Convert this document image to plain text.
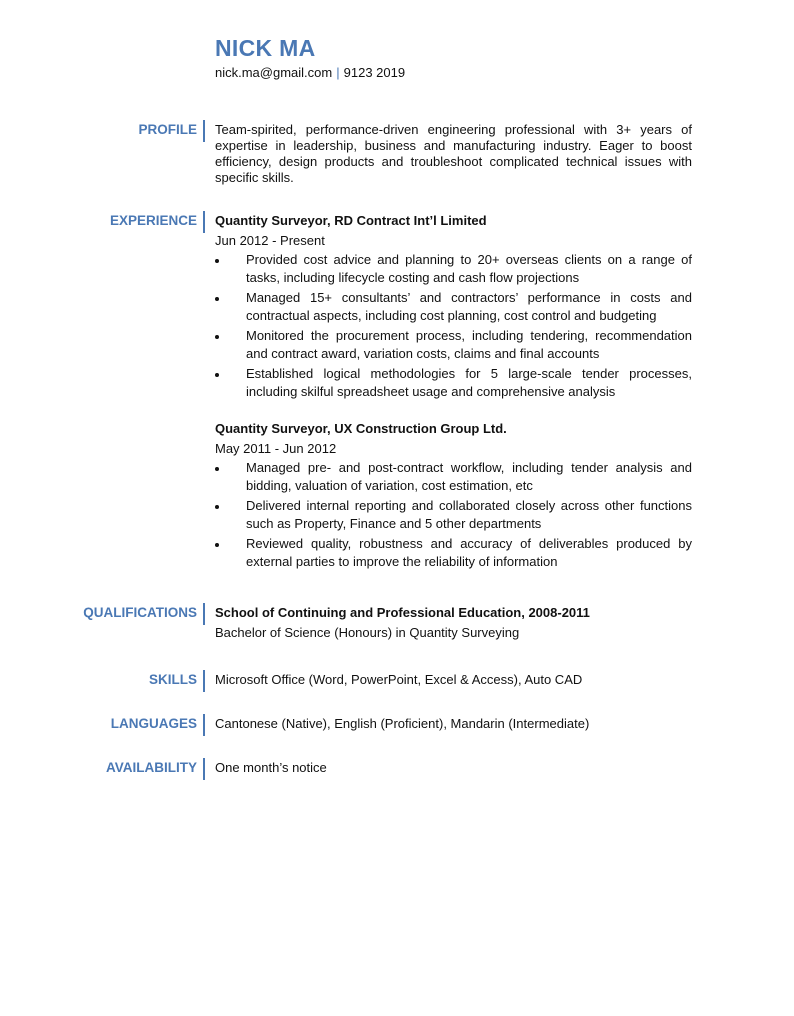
NICK MA
nick.ma@gmail.com | 9123 2019
PROFILE Team-spirited, performance-driven engineering professional with 3+ years of expertise in leadership, business and manufacturing industry. Eager to boost efficiency, design products and troubleshoot complicated technical issues with specific skills.
EXPERIENCE Quantity Surveyor, RD Contract Int’l Limited
Jun 2012 - Present
Provided cost advice and planning to 20+ overseas clients on a range of tasks, including lifecycle costing and cash flow projections
Managed 15+ consultants’ and contractors’ performance in costs and contractual aspects, including cost planning, cost control and budgeting
Monitored the procurement process, including tendering, recommendation and contract award, variation costs, claims and final accounts
Established logical methodologies for 5 large-scale tender processes, including skilful spreadsheet usage and comprehensive analysis
Quantity Surveyor, UX Construction Group Ltd.
May 2011 - Jun 2012
Managed pre- and post-contract workflow, including tender analysis and bidding, valuation of variation, cost estimation, etc
Delivered internal reporting and collaborated closely across other functions such as Property, Finance and 5 other departments
Reviewed quality, robustness and accuracy of deliverables produced by external parties to improve the reliability of information
QUALIFICATIONS School of Continuing and Professional Education, 2008-2011
Bachelor of Science (Honours) in Quantity Surveying
SKILLS Microsoft Office (Word, PowerPoint, Excel & Access), Auto CAD
LANGUAGES Cantonese (Native), English (Proficient), Mandarin (Intermediate)
AVAILABILITY One month’s notice
